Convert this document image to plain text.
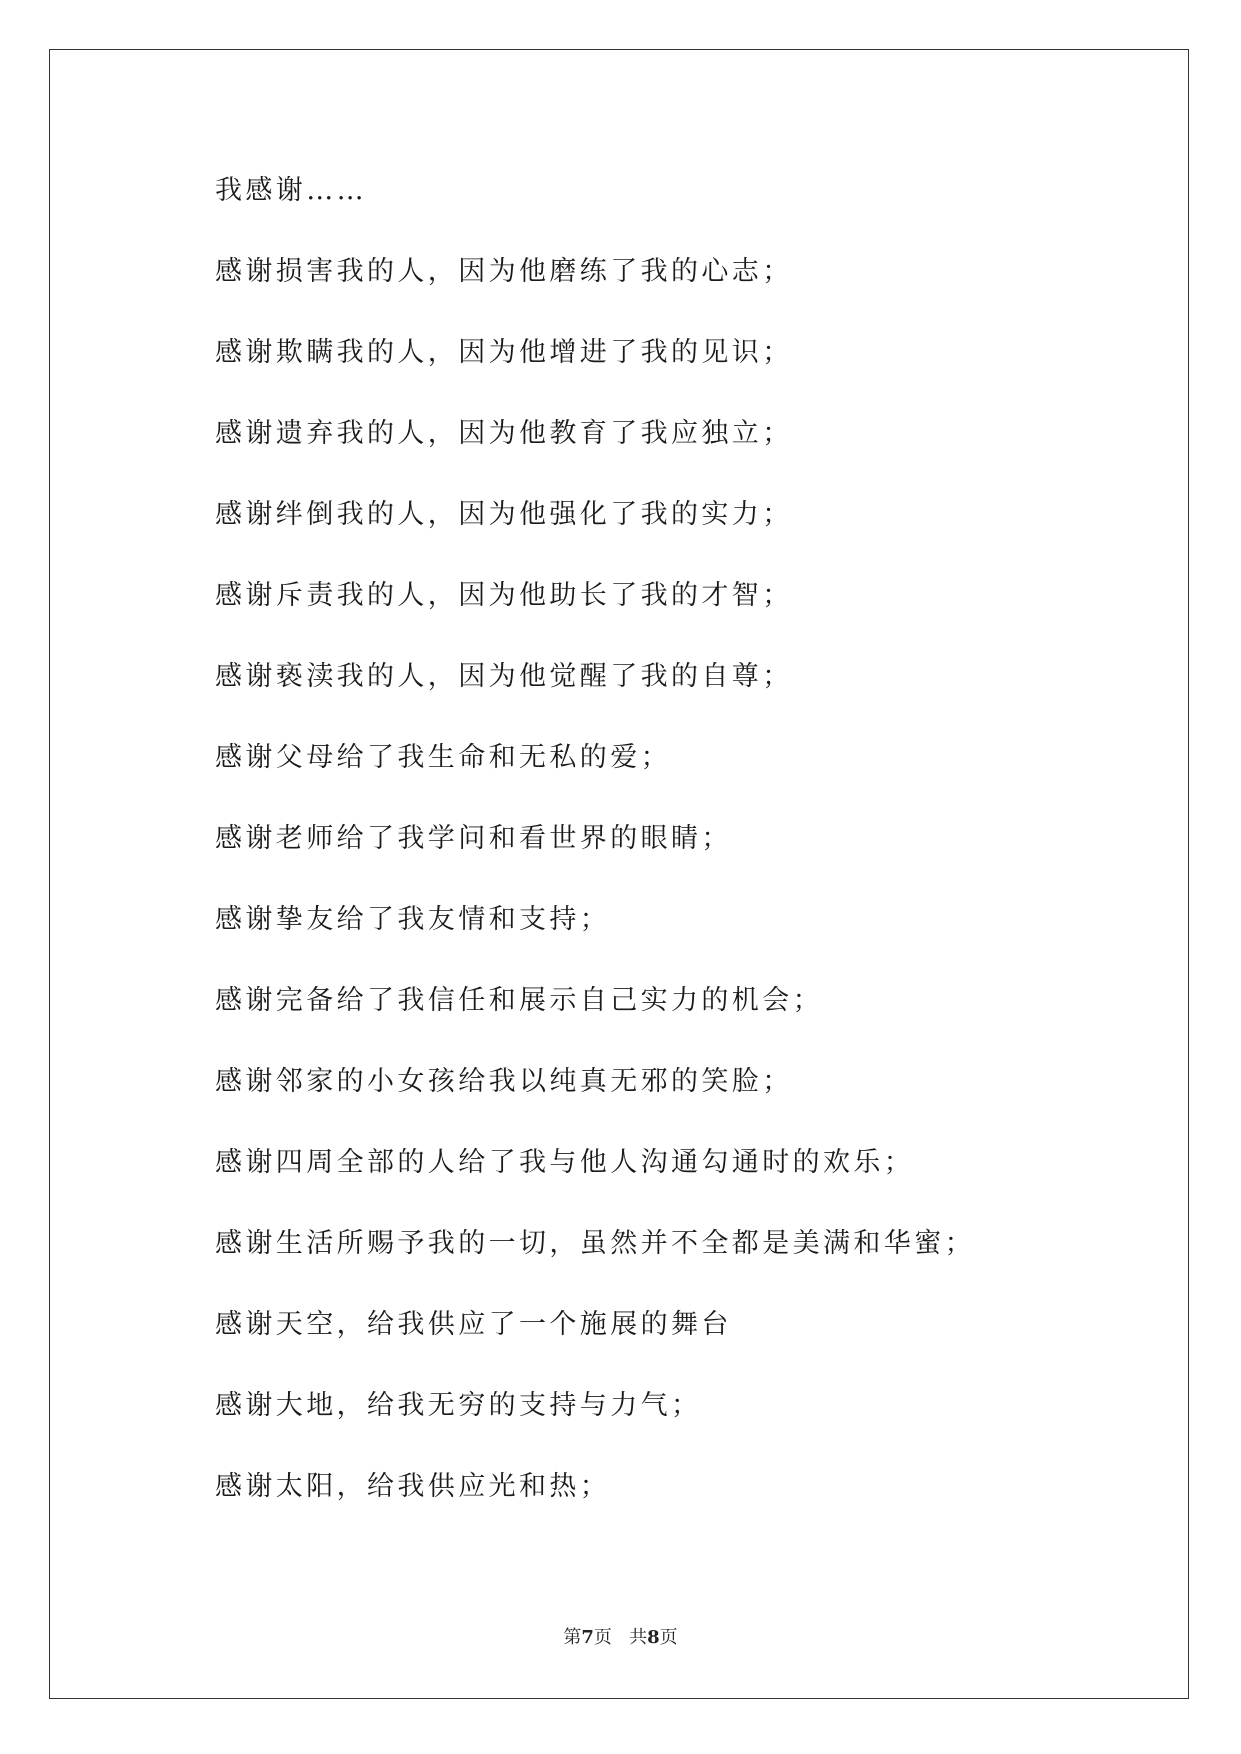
我感谢……
感谢损害我的人，因为他磨练了我的心志；
感谢欺瞒我的人，因为他增进了我的见识；
感谢遗弃我的人，因为他教育了我应独立；
感谢绊倒我的人，因为他强化了我的实力；
感谢斥责我的人，因为他助长了我的才智；
感谢亵渎我的人，因为他觉醒了我的自尊；
感谢父母给了我生命和无私的爱；
感谢老师给了我学问和看世界的眼睛；
感谢挚友给了我友情和支持；
感谢完备给了我信任和展示自己实力的机会；
感谢邻家的小女孩给我以纯真无邪的笑脸；
感谢四周全部的人给了我与他人沟通勾通时的欢乐；
感谢生活所赐予我的一切，虽然并不全都是美满和华蜜；
感谢天空，给我供应了一个施展的舞台
感谢大地，给我无穷的支持与力气；
感谢太阳，给我供应光和热；
第7页 共8页
